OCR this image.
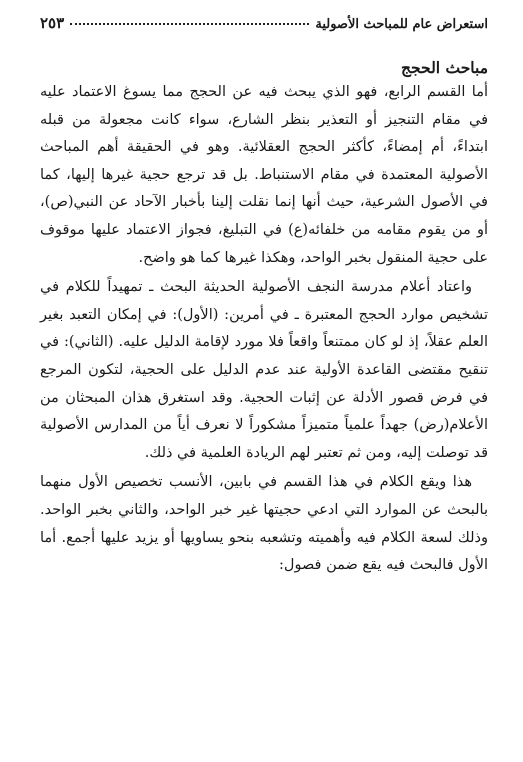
استعراض عام للمباحث الأصولية
٢٥٣
مباحث الحجج

أما القسم الرابع، فهو الذي يبحث فيه عن الحجج مما يسوغ الاعتماد عليه في مقام التنجيز أو التعذير بنظر الشارع، سواء كانت مجعولة من قبله ابتداءً، أم إمضاءً، كأكثر الحجج العقلائية. وهو في الحقيقة أهم المباحث الأصولية المعتمدة في مقام الاستنباط. بل قد ترجع حجية غيرها إليها، كما في الأصول الشرعية، حيث أنها إنما نقلت إلينا بأخبار الآحاد عن النبي(ص)، أو من يقوم مقامه من خلفائه(ع) في التبليغ، فجواز الاعتماد عليها موقوف على حجية المنقول بخبر الواحد، وهكذا غيرها كما هو واضح.

واعتاد أعلام مدرسة النجف الأصولية الحديثة البحث ـ تمهيداً للكلام في تشخيص موارد الحجج المعتبرة ـ في أمرين: (الأول): في إمكان التعبد بغير العلم عقلاً، إذ لو كان ممتنعاً واقعاً فلا مورد لإقامة الدليل عليه. (الثاني): في تنقيح مقتضى القاعدة الأولية عند عدم الدليل على الحجية، لتكون المرجع في فرض قصور الأدلة عن إثبات الحجية. وقد استغرق هذان المبحثان من الأعلام(رض) جهداً علمياً متميزاً مشكوراً لا نعرف أياً من المدارس الأصولية قد توصلت إليه، ومن ثم تعتبر لهم الريادة العلمية في ذلك.

هذا ويقع الكلام في هذا القسم في بابين، الأنسب تخصيص الأول منهما بالبحث عن الموارد التي ادعي حجيتها غير خبر الواحد، والثاني بخبر الواحد. وذلك لسعة الكلام فيه وأهميته وتشعبه بنحو يساويها أو يزيد عليها أجمع. أما الأول فالبحث فيه يقع ضمن فصول:
